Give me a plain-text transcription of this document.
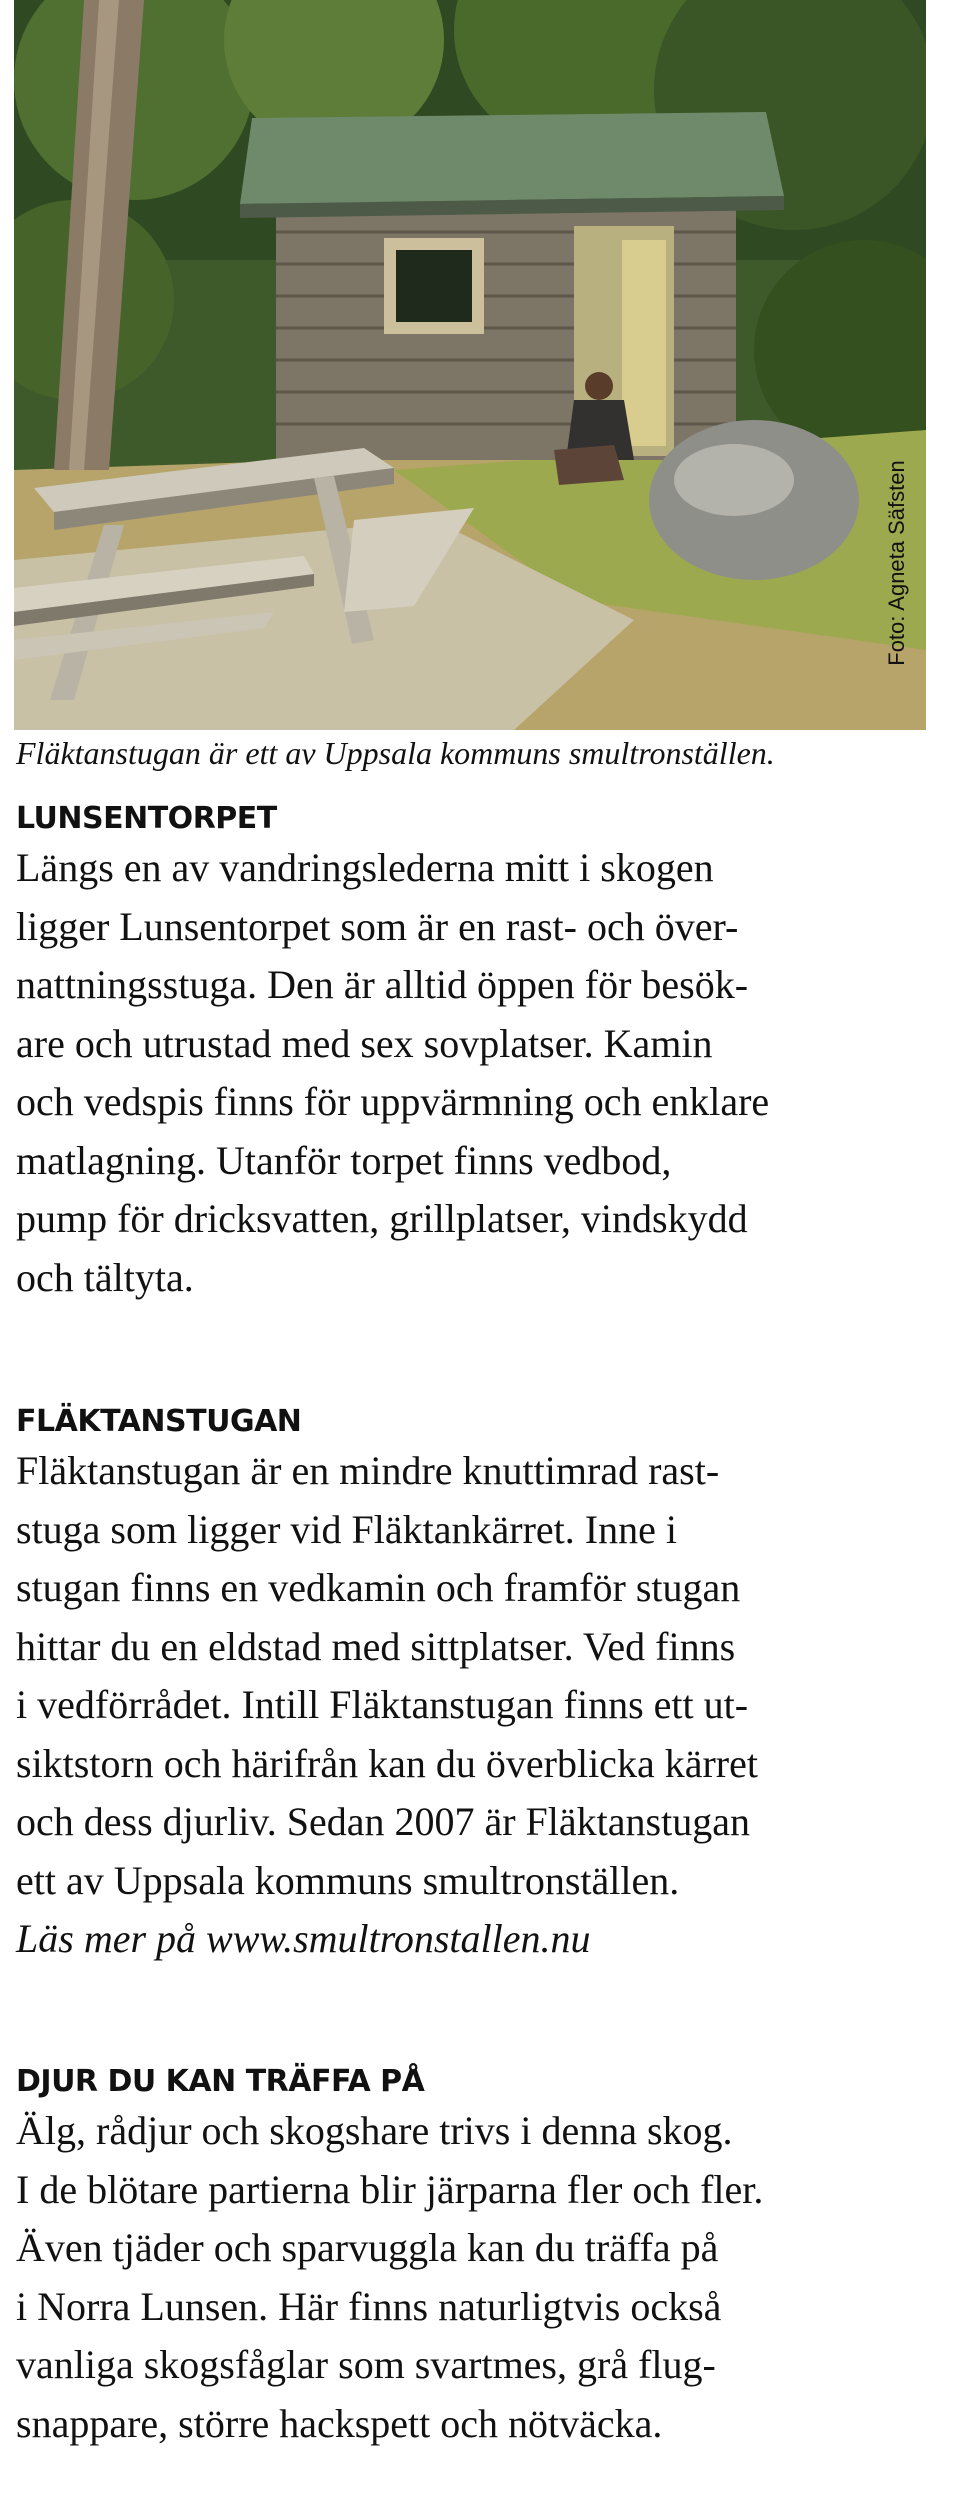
Foto: Agneta Säfsten
Fläktanstugan är ett av Uppsala kommuns smultronställen.
LUNSENTORPET
Längs en av vandringslederna mitt i skogen
ligger Lunsentorpet som är en rast- och över-
nattningsstuga. Den är alltid öppen för besök-
are och utrustad med sex sovplatser. Kamin
och vedspis finns för uppvärmning och enklare
matlagning. Utanför torpet finns vedbod,
pump för dricksvatten, grillplatser, vindskydd
och tältyta.
FLÄKTANSTUGAN
Fläktanstugan är en mindre knuttimrad rast-
stuga som ligger vid Fläktankärret. Inne i
stugan finns en vedkamin och framför stugan
hittar du en eldstad med sittplatser. Ved finns
i vedförrådet. Intill Fläktanstugan finns ett ut-
siktstorn och härifrån kan du överblicka kärret
och dess djurliv. Sedan 2007 är Fläktanstugan
ett av Uppsala kommuns smultronställen.
Läs mer på www.smultronstallen.nu
DJUR DU KAN TRÄFFA PÅ
Älg, rådjur och skogshare trivs i denna skog.
I de blötare partierna blir järparna fler och fler.
Även tjäder och sparvuggla kan du träffa på
i Norra Lunsen. Här finns naturligtvis också
vanliga skogsfåglar som svartmes, grå flug-
snappare, större hackspett och nötväcka.
